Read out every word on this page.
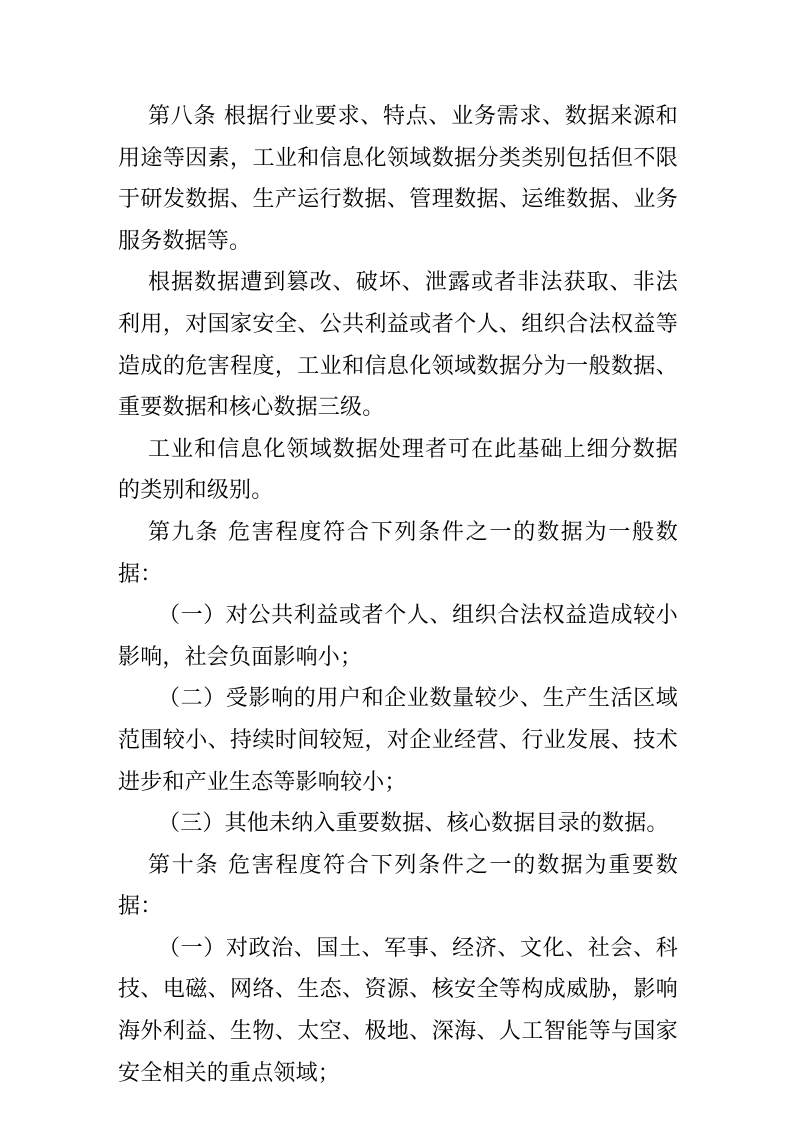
第八条 根据行业要求、特点、业务需求、数据来源和用途等因素，工业和信息化领域数据分类类别包括但不限于研发数据、生产运行数据、管理数据、运维数据、业务服务数据等。

根据数据遭到篡改、破坏、泄露或者非法获取、非法利用，对国家安全、公共利益或者个人、组织合法权益等造成的危害程度，工业和信息化领域数据分为一般数据、重要数据和核心数据三级。

工业和信息化领域数据处理者可在此基础上细分数据的类别和级别。

第九条 危害程度符合下列条件之一的数据为一般数据：

（一）对公共利益或者个人、组织合法权益造成较小影响，社会负面影响小；

（二）受影响的用户和企业数量较少、生产生活区域范围较小、持续时间较短，对企业经营、行业发展、技术进步和产业生态等影响较小；

（三）其他未纳入重要数据、核心数据目录的数据。

第十条 危害程度符合下列条件之一的数据为重要数据：

（一）对政治、国土、军事、经济、文化、社会、科技、电磁、网络、生态、资源、核安全等构成威胁，影响海外利益、生物、太空、极地、深海、人工智能等与国家安全相关的重点领域；
